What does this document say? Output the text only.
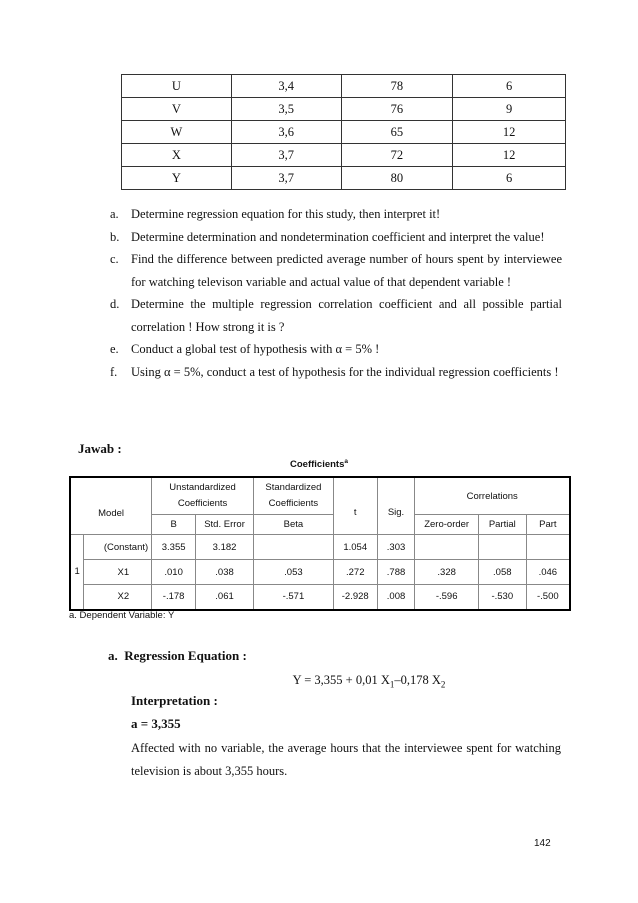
U	3,4	78	6
V	3,5	76	9
W	3,6	65	12
X	3,7	72	12
Y	3,7	80	6
a. Determine regression equation for this study, then interpret it!
b. Determine determination and nondetermination coefficient and interpret the value!
c. Find the difference between predicted average number of hours spent by interviewee for watching televison variable and actual value of that dependent variable !
d. Determine the multiple regression correlation coefficient and all possible partial correlation ! How strong it is ?
e. Conduct a global test of hypothesis with α = 5% !
f.	Using α = 5%, conduct a test of hypothesis for the individual regression coefficients !
Jawab :
Coefficients$^a$
Model		Unstandardized Coefficients		Standardized Coefficients	t	Sig.	Correlations		
		B	Std. Error	Beta			Zero-order	Partial	Part
1	(Constant)	3.355	3.182		1.054	.303			
	X1	.010	.038	.053	.272	.788	.328	.058	.046
	X2	-.178	.061	-.571	-2.928	.008	-.596	-.530	-.500
a. Dependent Variable: Y
a. Regression Equation :
Y = 3,355 + 0,01 $X_1-0,178$ $X_2$
Interpretation :
a = 3,355
Affected with no variable, the average hours that the interviewee spent for watching television is about 3,355 hours.
142
